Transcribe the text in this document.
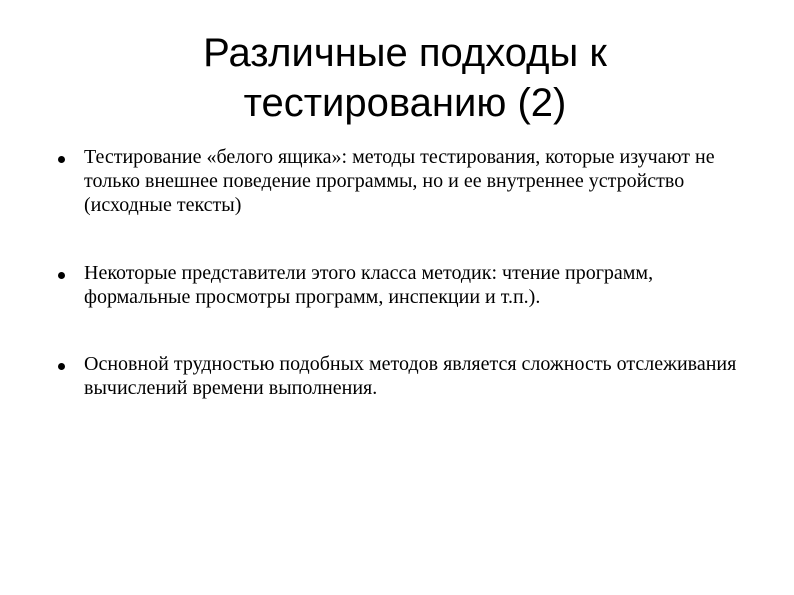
Различные подходы к
тестированию (2)
Тестирование «белого ящика»: методы тестирования, которые изучают не только внешнее поведение программы, но и ее внутреннее устройство (исходные тексты)
Некоторые представители этого класса методик: чтение программ, формальные просмотры программ, инспекции и т.п.).
Основной трудностью подобных методов является сложность отслеживания вычислений времени выполнения.
